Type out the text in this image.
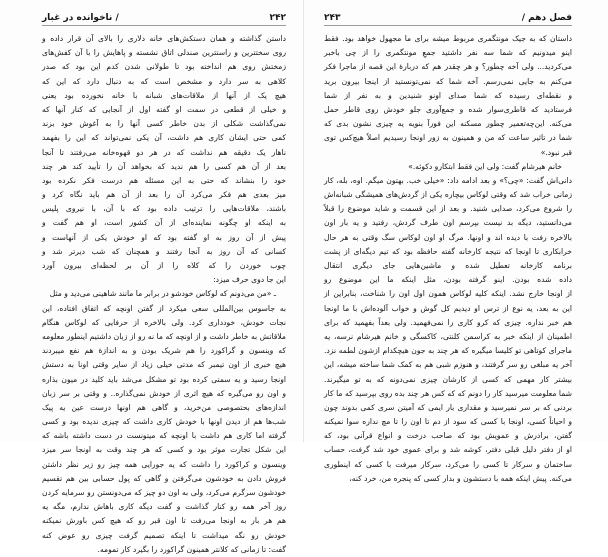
۲۴۲
/ ناخوانده در غبار
داستن گذاشته و همان دستکش‌های خانه دلاری را بالای آن قرار داده و
روی سختترین و راستترین صندلی اتاق نشسته و پاهایش را با آن کفش‌های
زمختش روی هم انداخته بود تا طولانی شدن کدم این بود که صدر
کلاهی به سر دارد و مشخص است که به دنبال دارد که این که
هیچ یک از آنها از ملاقات‌های شبانه با خانه نخورده بود یعنی
و خیلی از قطعی در سمت او گفته اول از آنجایی که کنار آنها که
نمی‌گذاشت شکلی از بدن خاطر کسی آنها را به آغوش خود بزند
کمی حتی ایشان کاری هم داشت، آن یکی نمی‌تواند که این را بفهمد
ناهار یک دقیقه هم نداشت که در هر دو قهوه‌خانه می‌رفتند تا آنجا
بعد از آن هم کسی را هم ندید که بخواهد آن را تأیید کند هر چند
خود را بنشاند که حتی به این مسئله هم درست فکر نکرده بود
میز بعدی هم فکر می‌کرد آن را بعد از آن هم باید نگاه کرد و
باشند، ملاقات‌هایی را ترتیب داده بود که با آن، با نیروی پلیس
به اینکه او چگونه نماینده‌ای از آن کشور است، او هم گفت و
پیش از آن روز به او گفته بود که او خودش یکی از آنهاست و
کسانی که آن روز به آنجا رفتند و همچنان که شب دیرتر شد و
چوب خوردن را که کلاه را از آن بر لحظه‌ای بیرون آورد
این جا دوی حرف میزد:
ـ «من می‌دونم که لوکاس خودشو در برابر ما مانند شاهینی می‌دید و مثل
به جاسوس بین‌المللی سعی میکرد از گفتن اونچه که اتفاق افتاده، این
نجات خودش، خودداری کرد. ولی بالاخره از حرفایی که لوکاس هنگام
ملاقاتش به خاطر داشت و از اونچه که ما نه رو از زبان داشتیم اینطور معلومه
که وینسون و گراکورد را هم شریک بودن و به اندازهٔ هم نفع میبردند
هیچ خبری از اون تیمبر که مدتی خیلی زیاد از سایر وقتی اونا به دستش
اونجا رسید و یه سمتی کرده بود تو مشکل می‌شد باید کلید در میون بذاره
و اون رو می‌گیره که هیچ اثری از خودش نمی‌گذاره.. و وقتی بر سر زبان
اندازه‌های بحتصوصی من‌خرید، و گاهی هم اونها درست عین یه پیک
شب‌ها هم از دیدن اونها با خودش کاری داشت که چیزی ندیده بود و کسی
گرفته اما کاری هم داشت با اونچه که میتونست در دست داشته باشه که
این شکل تجارت موثر بود و کسی که هر چند وقت به اونجا سر میزد
وینسون و کراکورد را داشت که یه جورایی همه چیز رو زیر نظر داشتن
فروش دادن به خودشون می‌گرفتن و گاهی که پول حسابی بین هم تقسیم
خودشون سرگرم می‌کرد، ولی به اون دو چیز که می‌دونستن رو سرمایه کردن
روز آخر همه رو کنار گذاشت و گفت دیگه کاری باهاش ندارم، مگه یه
هم هر بار به اونجا می‌رفت تا اون قبر رو که هیچ کس باورش نمیکنه
خودش رو نگه میداشت تا اینکه تصمیم گرفت چیزی رو عوض کنه
گفت: تا زمانی که کلانتر همینون گراکورد را بگیرد کار تمومه.
فصل دهم /
۲۴۳
داستان که به جیک مونتگمری مربوط میشه برای ما مجهول خواهد بود. فقط
اینو میدونیم که شما سه نفر داشتید جمعِ مونتگمری را از چی باخبر
می‌کردید... ولی آخه چطور؟ و هر چقدر هم که دربارهٔ این قصه از ماجرا فکر
می‌کنم به جایی نمی‌رسم. آخه شما که نمی‌تونستید از اینجا بیرون برید
و نقطه‌ای رسیده که شما صدای اونو شنیدین و به نفر از شما
فرستادید که قاطری‌سوار شده و جمع‌آوری جلو خودش روی قاطر حمل
می‌کنه. این‌چه‌تعمیر چطور مسکنه این فورآ بنویه یه چیزی نشون بدی که
شما در تاثیر ساعت که من و همینون به زور اونجا رسیدیم اصلاً هیچ‌کس توی
قبر نبود.»
خانم هیرشام گفت: ولی این فقط ابتکارو دکوئه.»
دانی‌اش گفت: «چی؟» و بعد ادامه داد: «خیلی خب. بهتون میگم. اوه، بله، کار
زمانی خراب شد که وقتی لوکاس بیچاره یکی از گردش‌های همیشگی شبانه‌اش
را شروع می‌کرد، صدایی شنید. و بعد از این قسمت و شاید موضوع را قبلاً
می‌دانستید، دیگه بد نیست بپرسم اون طرف گردش، رفتید و یه بار اون
بالاخره رفت با دیده اند و اونها. مرگ او اون لوکاس سگ وقتی به هر حال
خرابکاری تا اونجا که نتیجه کارخانه گفته حافظه بود که تیم دیگه‌ای از پشت
برنامه کارخانه تعطیل شده و ماشین‌هایی جای دیگری انتقال
داده شده بودن. اینو گرفته بودن، مثل اینکه ما این موضوع رو
از اونجا خارج نشد. اینکه کلیه لوکاس همون اول اون را شناخت، بنابراین از
این به بعد، یه نوع از ترس او دیدیم کل گوش و خواب آلوده‌اش با ما اونجا
هم خبر نداره. چیزی که کرو کاری را نمی‌فهمید. ولی بعداً بفهمید که برای
اطمینان از اینکه خبر به کراسمن کلنتی، کاکسگی و خانم هیرشام نرسه، یه
ماجرای کوتاهی تو کلیسا میگیره که هر چند به جون هیچکدام ازشون لطمه نزد.
آخر یه مبلغی رو سر گرفتند، و هنوزم شبی هم به کمک شما ساخته میشه، این
بیشتر کار مهمی که کسی از کارشان چیزی نمی‌دونه که به تو میگیرند.
شما معلومت میرسید کار را دونم که که کس هر چند بده روی بپرسید که ما کار
بردنی که بر سر نمیرسید و مقداری بار ایمی که آمیتن سری کمی بدوند چون
و احیاناً کسی، اونجا با کسی که سود از دم تا اون را تا مچ نداره سوا نمیکنه
گفتن، برادرش و عمویش بود که صاحب درخت و انواع قرآنی بود، که
او از دفتر دلیل قبلی دفتر، کوشه شد و برای عموی خود شد گرفت، حساب
ساختمان و سرکار تا کسی را می‌کرد، سرکار میرفت با کسی که اینطوری
می‌کنه. پیش اینکه همه با دستشون و بدار کسی که پنجره من، خرد کنه،
